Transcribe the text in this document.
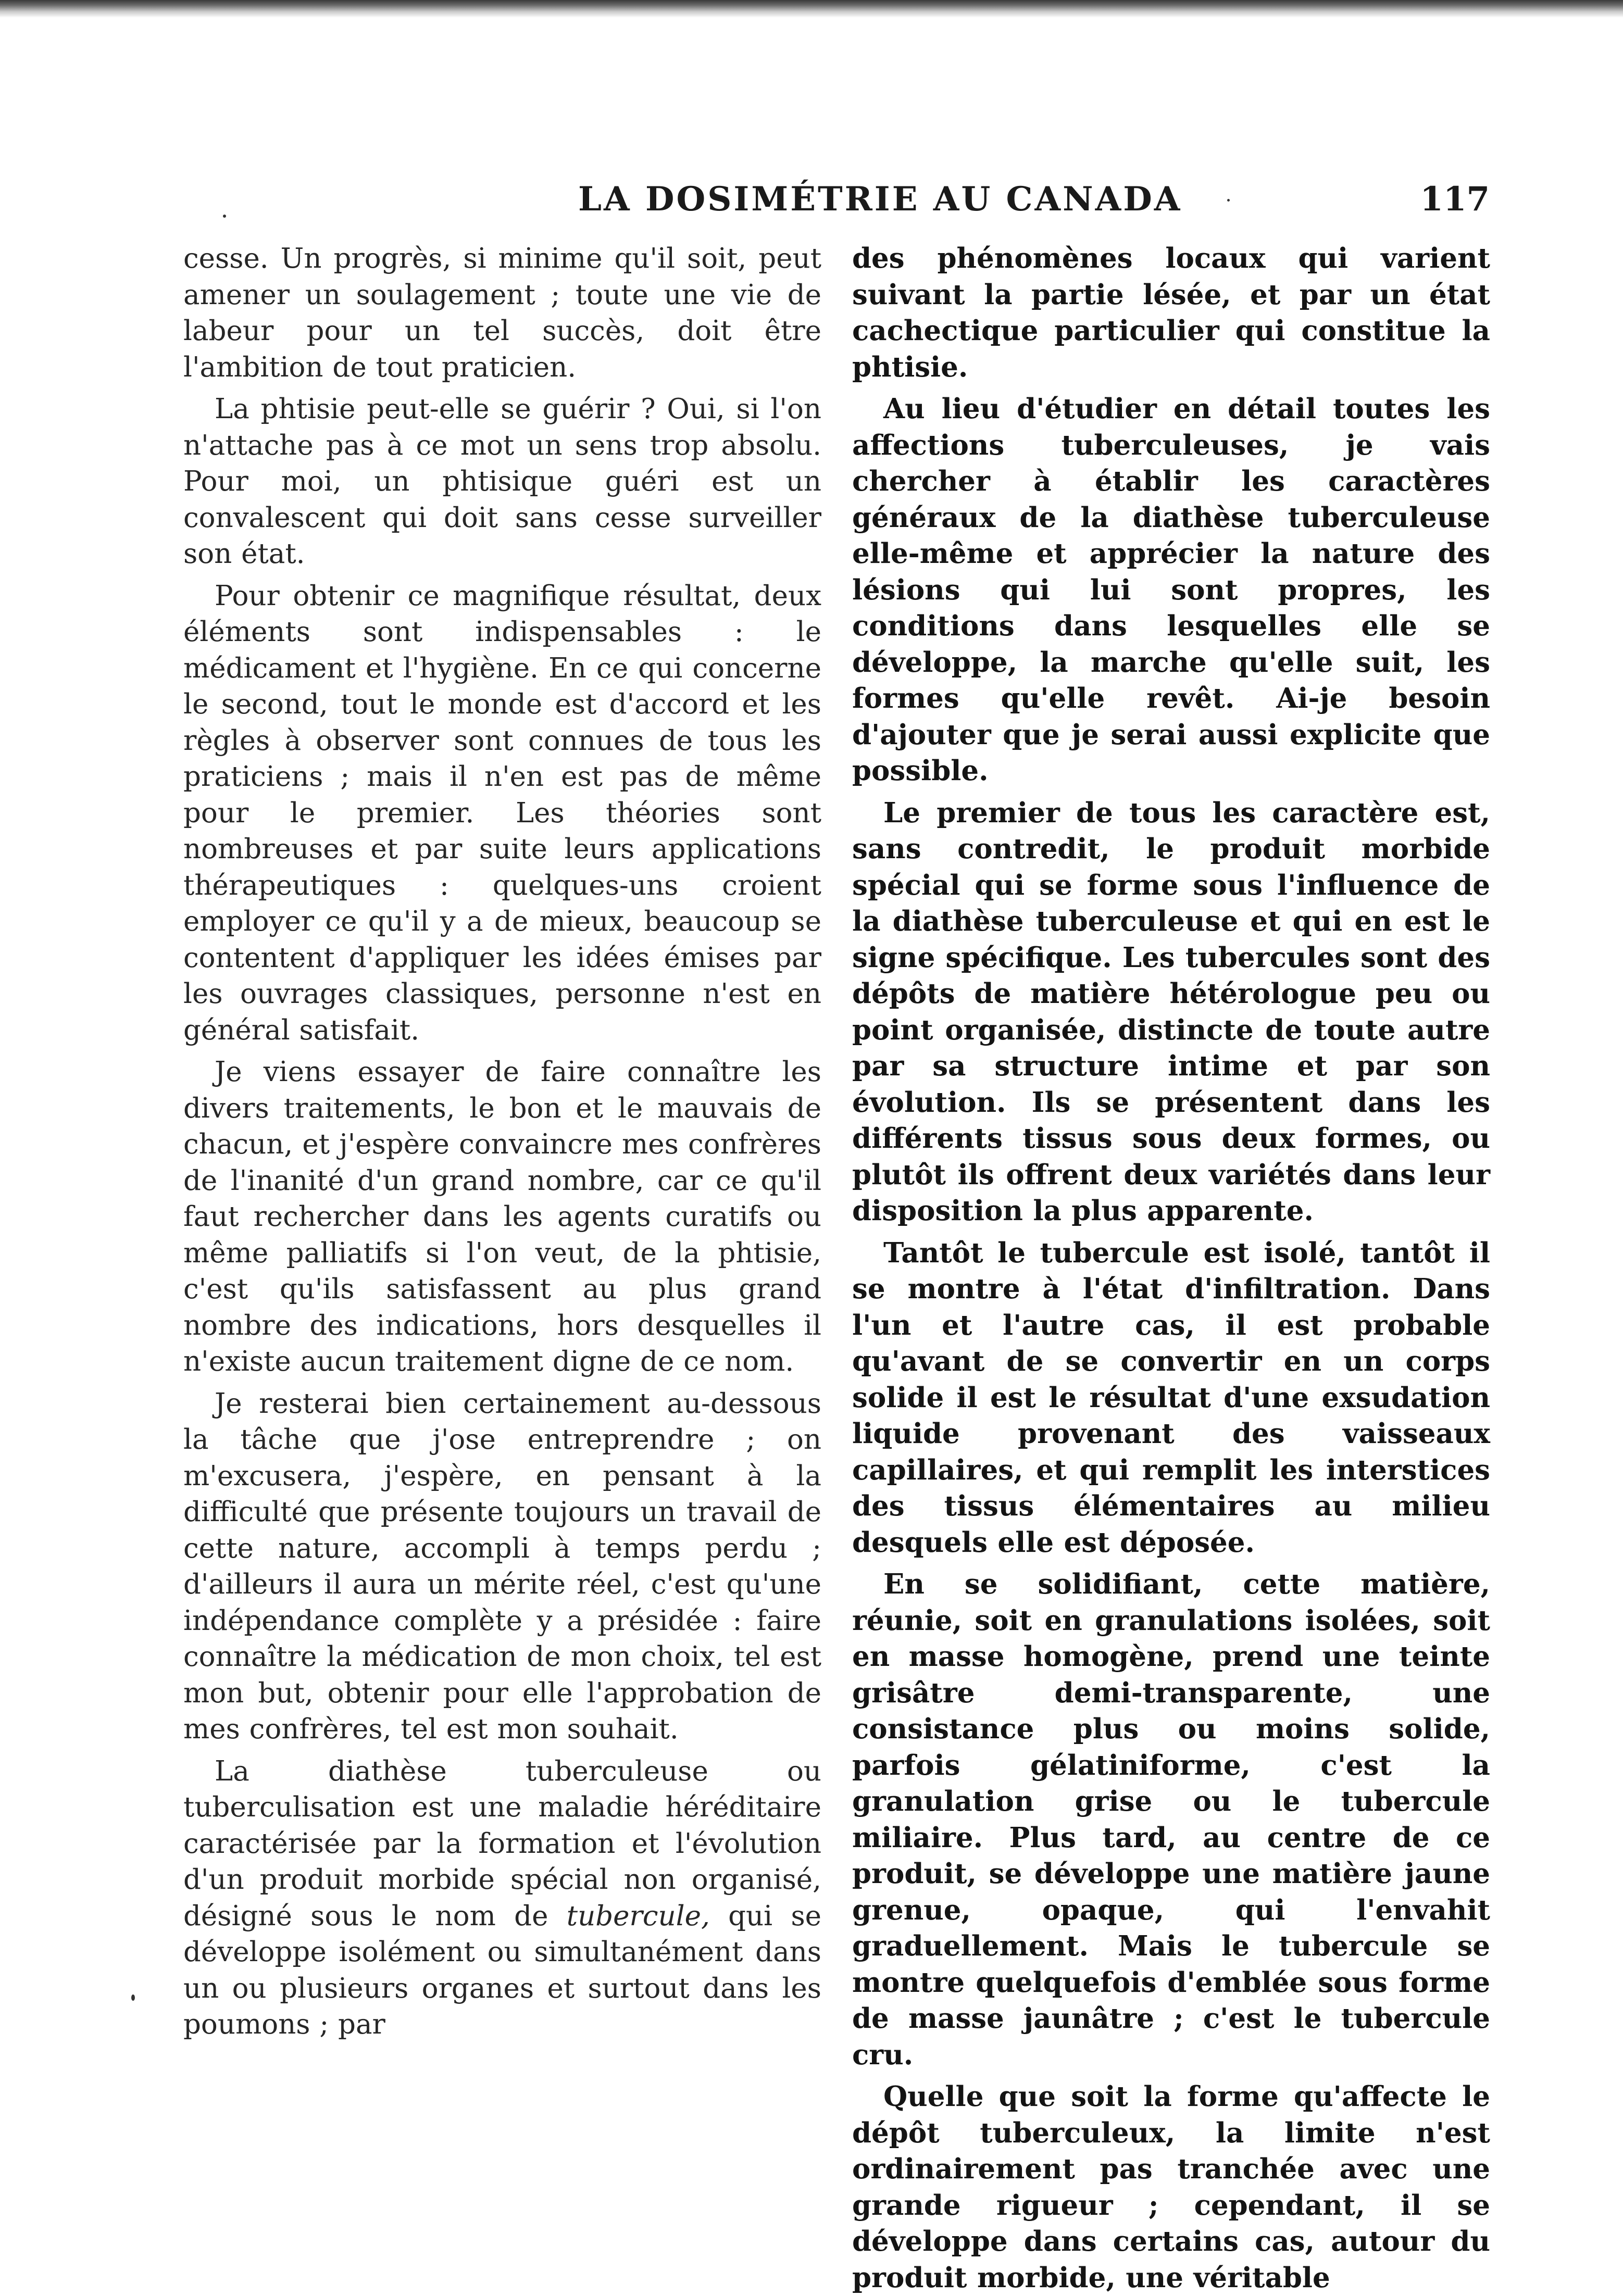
LA DOSIMÉTRIE AU CANADA	117

cesse. Un progrès, si minime qu'il soit, peut amener un soulagement ; toute une vie de labeur pour un tel succès, doit être l'ambition de tout praticien.

La phtisie peut-elle se guérir ? Oui, si l'on n'attache pas à ce mot un sens trop absolu. Pour moi, un phtisique guéri est un convalescent qui doit sans cesse surveiller son état.

Pour obtenir ce magnifique résultat, deux éléments sont indispensables : le médicament et l'hygiène. En ce qui concerne le second, tout le monde est d'accord et les règles à observer sont connues de tous les praticiens ; mais il n'en est pas de même pour le premier. Les théories sont nombreuses et par suite leurs applications thérapeutiques : quelques-uns croient employer ce qu'il y a de mieux, beaucoup se contentent d'appliquer les idées émises par les ouvrages classiques, personne n'est en général satisfait.

Je viens essayer de faire connaître les divers traitements, le bon et le mauvais de chacun, et j'espère convaincre mes confrères de l'inanité d'un grand nombre, car ce qu'il faut rechercher dans les agents curatifs ou même palliatifs si l'on veut, de la phtisie, c'est qu'ils satisfassent au plus grand nombre des indications, hors desquelles il n'existe aucun traitement digne de ce nom.

Je resterai bien certainement au-dessous la tâche que j'ose entreprendre ; on m'excusera, j'espère, en pensant à la difficulté que présente toujours un travail de cette nature, accompli à temps perdu ; d'ailleurs il aura un mérite réel, c'est qu'une indépendance complète y a présidée : faire connaître la médication de mon choix, tel est mon but, obtenir pour elle l'approbation de mes confrères, tel est mon souhait.

La diathèse tuberculeuse ou tuberculisation est une maladie héréditaire caractérisée par la formation et l'évolution d'un produit morbide spécial non organisé, désigné sous le nom de tubercule, qui se développe isolément ou simultanément dans un ou plusieurs organes et surtout dans les poumons ; par

des phénomènes locaux qui varient suivant la partie lésée, et par un état cachectique particulier qui constitue la phtisie.

Au lieu d'étudier en détail toutes les affections tuberculeuses, je vais chercher à établir les caractères généraux de la diathèse tuberculeuse elle-même et apprécier la nature des lésions qui lui sont propres, les conditions dans lesquelles elle se développe, la marche qu'elle suit, les formes qu'elle revêt. Ai-je besoin d'ajouter que je serai aussi explicite que possible.

Le premier de tous les caractère est, sans contredit, le produit morbide spécial qui se forme sous l'influence de la diathèse tuberculeuse et qui en est le signe spécifique. Les tubercules sont des dépôts de matière hétérologue peu ou point organisée, distincte de toute autre par sa structure intime et par son évolution. Ils se présentent dans les différents tissus sous deux formes, ou plutôt ils offrent deux variétés dans leur disposition la plus apparente.

Tantôt le tubercule est isolé, tantôt il se montre à l'état d'infiltration. Dans l'un et l'autre cas, il est probable qu'avant de se convertir en un corps solide il est le résultat d'une exsudation liquide provenant des vaisseaux capillaires, et qui remplit les interstices des tissus élémentaires au milieu desquels elle est déposée.

En se solidifiant, cette matière, réunie, soit en granulations isolées, soit en masse homogène, prend une teinte grisâtre demi-transparente, une consistance plus ou moins solide, parfois gélatiniforme, c'est la granulation grise ou le tubercule miliaire. Plus tard, au centre de ce produit, se développe une matière jaune grenue, opaque, qui l'envahit graduellement. Mais le tubercule se montre quelquefois d'emblée sous forme de masse jaunâtre ; c'est le tubercule cru.

Quelle que soit la forme qu'affecte le dépôt tuberculeux, la limite n'est ordinairement pas tranchée avec une grande rigueur ; cependant, il se développe dans certains cas, autour du produit morbide, une véritable
